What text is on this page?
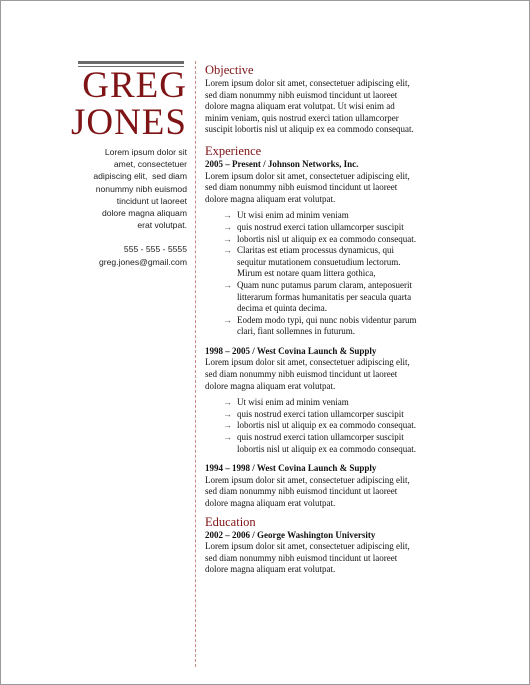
GREG
JONES
Lorem ipsum dolor sit
amet, consectetuer
adipiscing elit,  sed diam
nonummy nibh euismod
tincidunt ut laoreet
dolore magna aliquam
erat volutpat.
555 - 555 - 5555
greg.jones@gmail.com
Objective
Lorem ipsum dolor sit amet, consectetuer adipiscing elit,
sed diam nonummy nibh euismod tincidunt ut laoreet
dolore magna aliquam erat volutpat. Ut wisi enim ad
minim veniam, quis nostrud exerci tation ullamcorper
suscipit lobortis nisl ut aliquip ex ea commodo consequat.
Experience
2005 – Present / Johnson Networks, Inc.
Lorem ipsum dolor sit amet, consectetuer adipiscing elit,
sed diam nonummy nibh euismod tincidunt ut laoreet
dolore magna aliquam erat volutpat.
→ Ut wisi enim ad minim veniam
→ quis nostrud exerci tation ullamcorper suscipit
→ lobortis nisl ut aliquip ex ea commodo consequat.
→ Claritas est etiam processus dynamicus, qui
sequitur mutationem consuetudium lectorum.
Mirum est notare quam littera gothica,
→ Quam nunc putamus parum claram, anteposuerit
litterarum formas humanitatis per seacula quarta
decima et quinta decima.
→ Eodem modo typi, qui nunc nobis videntur parum
clari, fiant sollemnes in futurum.
1998 – 2005 / West Covina Launch & Supply
Lorem ipsum dolor sit amet, consectetuer adipiscing elit,
sed diam nonummy nibh euismod tincidunt ut laoreet
dolore magna aliquam erat volutpat.
→ Ut wisi enim ad minim veniam
→ quis nostrud exerci tation ullamcorper suscipit
→ lobortis nisl ut aliquip ex ea commodo consequat.
→ quis nostrud exerci tation ullamcorper suscipit
lobortis nisl ut aliquip ex ea commodo consequat.
1994 – 1998 / West Covina Launch & Supply
Lorem ipsum dolor sit amet, consectetuer adipiscing elit,
sed diam nonummy nibh euismod tincidunt ut laoreet
dolore magna aliquam erat volutpat.
Education
2002 – 2006 / George Washington University
Lorem ipsum dolor sit amet, consectetuer adipiscing elit,
sed diam nonummy nibh euismod tincidunt ut laoreet
dolore magna aliquam erat volutpat.
